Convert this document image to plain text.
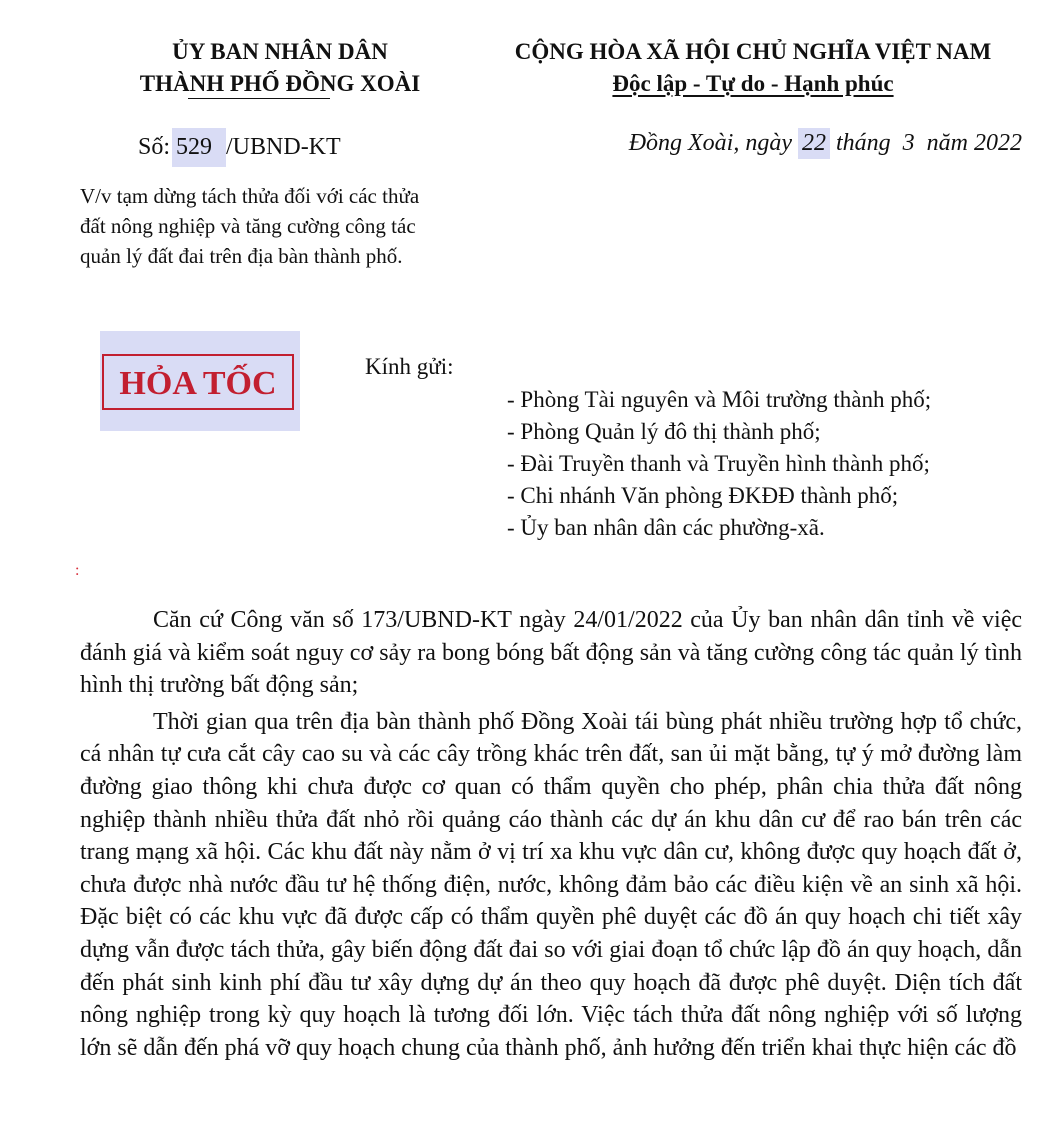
ỦY BAN NHÂN DÂN
THÀNH PHỐ ĐỒNG XOÀI
CỘNG HÒA XÃ HỘI CHỦ NGHĨA VIỆT NAM
Độc lập - Tự do - Hạnh phúc
Số: 529 /UBND-KT	Đồng Xoài, ngày 22 tháng  3  năm 2022
V/v tạm dừng tách thửa đối với các thửa đất nông nghiệp và tăng cường công tác quản lý đất đai trên địa bàn thành phố.
HỎA TỐC	Kính gửi:
- Phòng Tài nguyên và Môi trường thành phố;
- Phòng Quản lý đô thị thành phố;
- Đài Truyền thanh và Truyền hình thành phố;
- Chi nhánh Văn phòng ĐKĐĐ thành phố;
- Ủy ban nhân dân các phường-xã.
:

Căn cứ Công văn số 173/UBND-KT ngày 24/01/2022 của Ủy ban nhân dân tỉnh về việc đánh giá và kiểm soát nguy cơ sảy ra bong bóng bất động sản và tăng cường công tác quản lý tình hình thị trường bất động sản;

Thời gian qua trên địa bàn thành phố Đồng Xoài tái bùng phát nhiều trường hợp tổ chức, cá nhân tự cưa cắt cây cao su và các cây trồng khác trên đất, san ủi mặt bằng, tự ý mở đường làm đường giao thông khi chưa được cơ quan có thẩm quyền cho phép, phân chia thửa đất nông nghiệp thành nhiều thửa đất nhỏ rồi quảng cáo thành các dự án khu dân cư để rao bán trên các trang mạng xã hội. Các khu đất này nằm ở vị trí xa khu vực dân cư, không được quy hoạch đất ở, chưa được nhà nước đầu tư hệ thống điện, nước, không đảm bảo các điều kiện về an sinh xã hội. Đặc biệt có các khu vực đã được cấp có thẩm quyền phê duyệt các đồ án quy hoạch chi tiết xây dựng vẫn được tách thửa, gây biến động đất đai so với giai đoạn tổ chức lập đồ án quy hoạch, dẫn đến phát sinh kinh phí đầu tư xây dựng dự án theo quy hoạch đã được phê duyệt. Diện tích đất nông nghiệp trong kỳ quy hoạch là tương đối lớn. Việc tách thửa đất nông nghiệp với số lượng lớn sẽ dẫn đến phá vỡ quy hoạch chung của thành phố, ảnh hưởng đến triển khai thực hiện các đồ
